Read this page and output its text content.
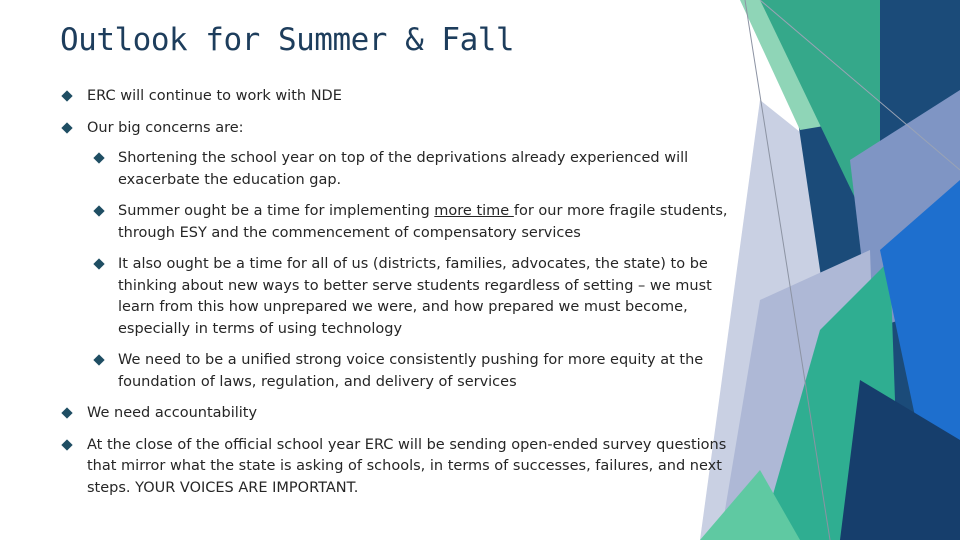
Outlook for Summer & Fall
ERC will continue to work with NDE
Our big concerns are:
Shortening the school year on top of the deprivations already experienced will exacerbate the education gap.
Summer ought be a time for implementing more time for our more fragile students, through ESY and the commencement of compensatory services
It also ought be a time for all of us (districts, families, advocates, the state) to be thinking about new ways to better serve students regardless of setting – we must learn from this how unprepared we were, and how prepared we must become, especially in terms of using technology
We need to be a unified strong voice consistently pushing for more equity at the foundation of laws, regulation, and delivery of services
We need accountability
At the close of the official school year ERC will be sending open-ended survey questions that mirror what the state is asking of schools, in terms of successes, failures, and next steps. YOUR VOICES ARE IMPORTANT.
